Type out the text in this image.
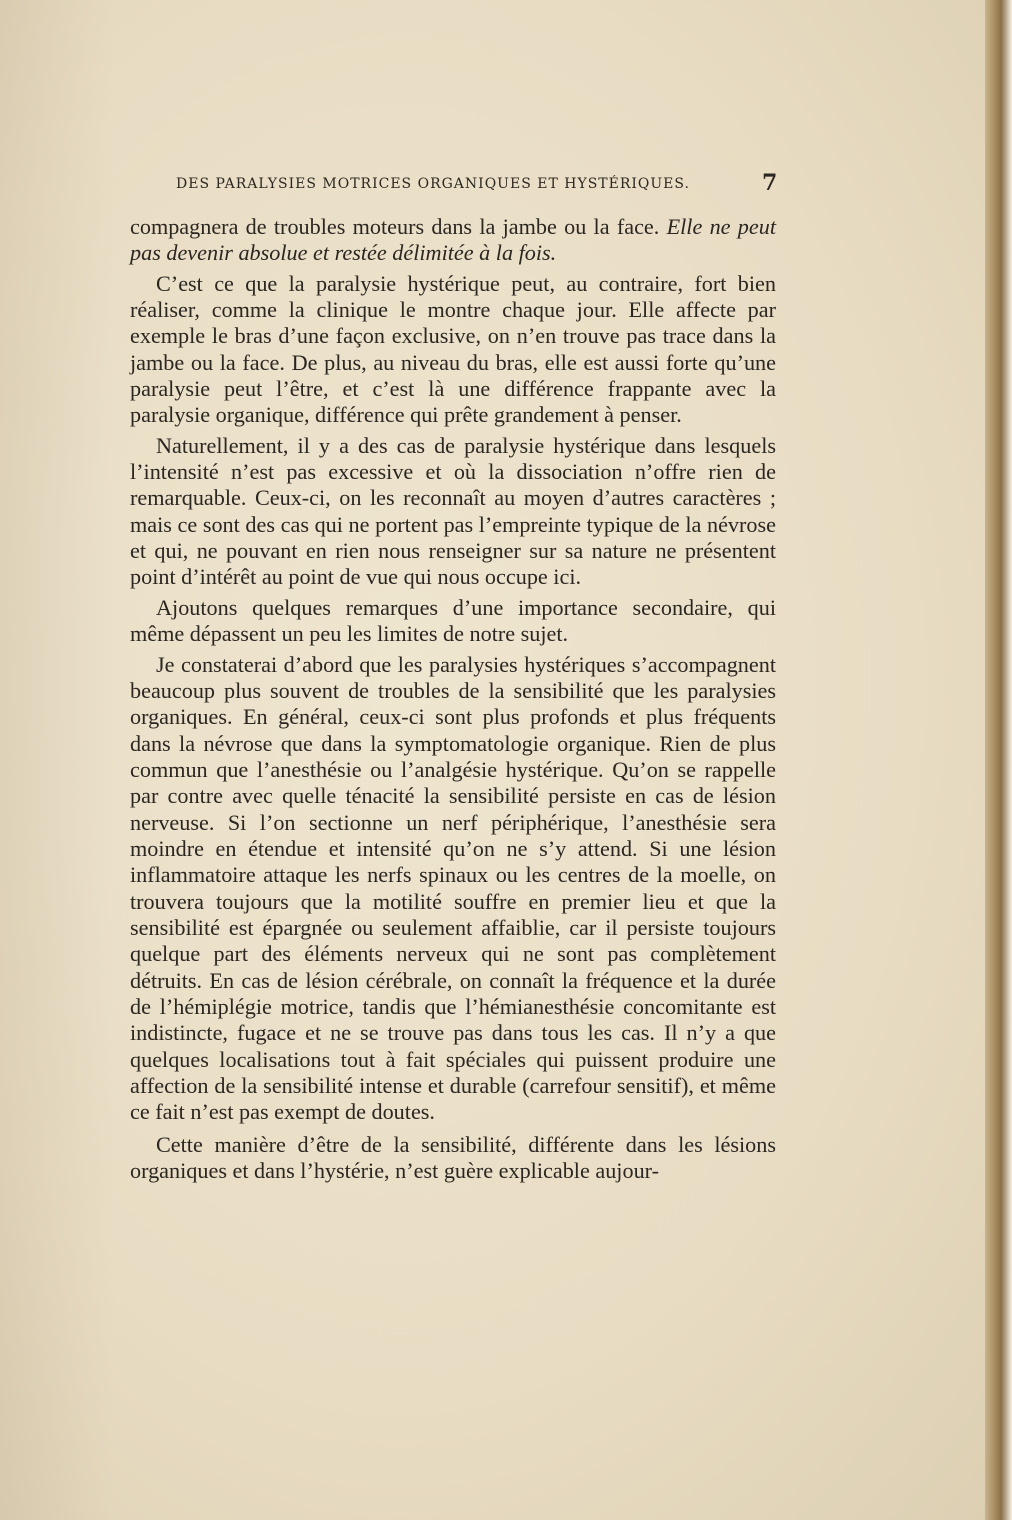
DES PARALYSIES MOTRICES ORGANIQUES ET HYSTÉRIQUES.	7

compagnera de troubles moteurs dans la jambe ou la face. Elle ne peut pas devenir absolue et restée délimitée à la fois.

C’est ce que la paralysie hystérique peut, au contraire, fort bien réaliser, comme la clinique le montre chaque jour. Elle affecte par exemple le bras d’une façon exclusive, on n’en trouve pas trace dans la jambe ou la face. De plus, au niveau du bras, elle est aussi forte qu’une paralysie peut l’être, et c’est là une différence frappante avec la paralysie organique, différence qui prête grandement à penser.

Naturellement, il y a des cas de paralysie hystérique dans lesquels l’intensité n’est pas excessive et où la dissociation n’offre rien de remarquable. Ceux-ci, on les reconnaît au moyen d’autres caractères ; mais ce sont des cas qui ne portent pas l’empreinte typique de la névrose et qui, ne pouvant en rien nous renseigner sur sa nature ne présentent point d’intérêt au point de vue qui nous occupe ici.

Ajoutons quelques remarques d’une importance secondaire, qui même dépassent un peu les limites de notre sujet.

Je constaterai d’abord que les paralysies hystériques s’accompagnent beaucoup plus souvent de troubles de la sensibilité que les paralysies organiques. En général, ceux-ci sont plus profonds et plus fréquents dans la névrose que dans la symptomatologie organique. Rien de plus commun que l’anesthésie ou l’analgésie hystérique. Qu’on se rappelle par contre avec quelle ténacité la sensibilité persiste en cas de lésion nerveuse. Si l’on sectionne un nerf périphérique, l’anesthésie sera moindre en étendue et intensité qu’on ne s’y attend. Si une lésion inflammatoire attaque les nerfs spinaux ou les centres de la moelle, on trouvera toujours que la motilité souffre en premier lieu et que la sensibilité est épargnée ou seulement affaiblie, car il persiste toujours quelque part des éléments nerveux qui ne sont pas complètement détruits. En cas de lésion cérébrale, on connaît la fréquence et la durée de l’hémiplégie motrice, tandis que l’hémianesthésie concomitante est indistincte, fugace et ne se trouve pas dans tous les cas. Il n’y a que quelques localisations tout à fait spéciales qui puissent produire une affection de la sensibilité intense et durable (carrefour sensitif), et même ce fait n’est pas exempt de doutes.

Cette manière d’être de la sensibilité, différente dans les lésions organiques et dans l’hystérie, n’est guère explicable aujour-
